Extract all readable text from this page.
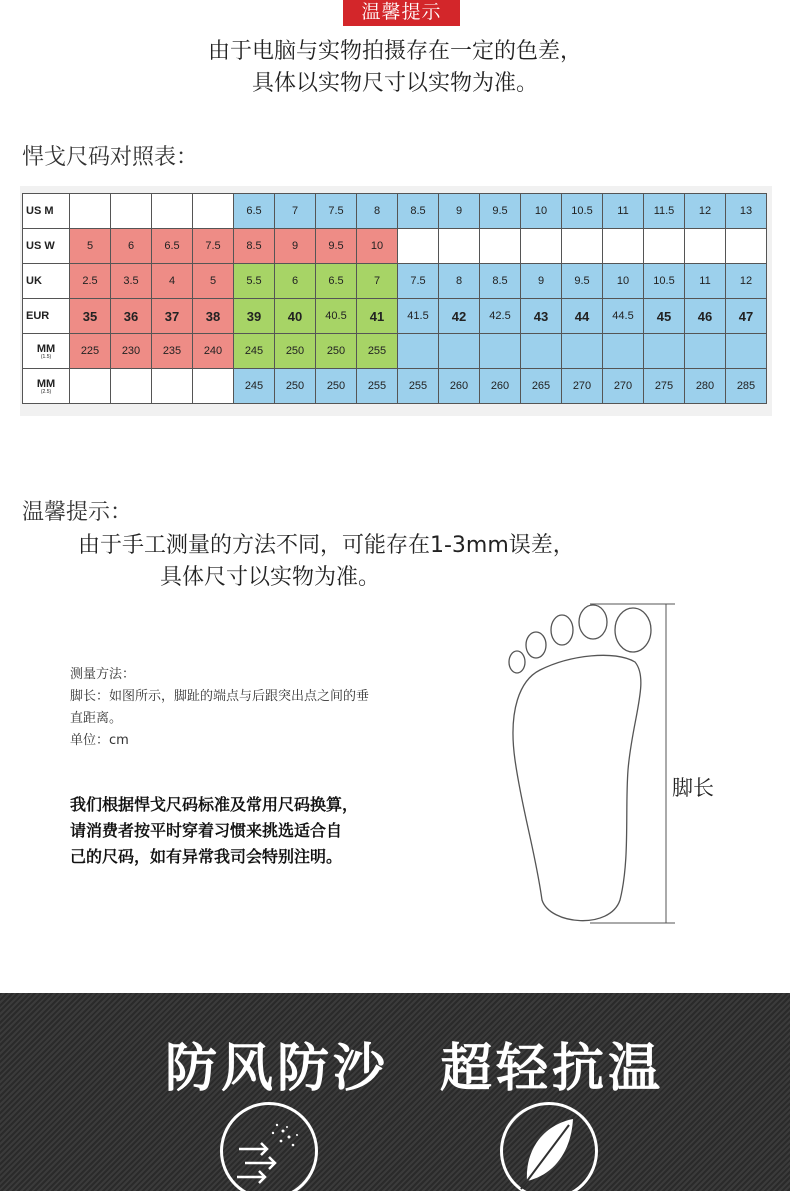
温馨提示
由于电脑与实物拍摄存在一定的色差，
具体以实物尺寸以实物为准。
悍戈尺码对照表：
US M					6.5	7	7.5	8	8.5	9	9.5	10	10.5	11	11.5	12	13
US W	5	6	6.5	7.5	8.5	9	9.5	10									
UK	2.5	3.5	4	5	5.5	6	6.5	7	7.5	8	8.5	9	9.5	10	10.5	11	12
EUR	35	36	37	38	39	40	40.5	41	41.5	42	42.5	43	44	44.5	45	46	47
MM
(1.5)	225	230	235	240	245	250	250	255									
MM
(2.5)					245	250	250	255	255	260	260	265	270	270	275	280	285
温馨提示：
由于手工测量的方法不同，可能存在1-3mm误差，
具体尺寸以实物为准。
测量方法：
脚长：如图所示，脚趾的端点与后跟突出点之间的垂
直距离。
单位：cm
我们根据悍戈尺码标准及常用尺码换算，
请消费者按平时穿着习惯来挑选适合自
己的尺码，如有异常我司会特别注明。
脚长
防风防沙 超轻抗温
